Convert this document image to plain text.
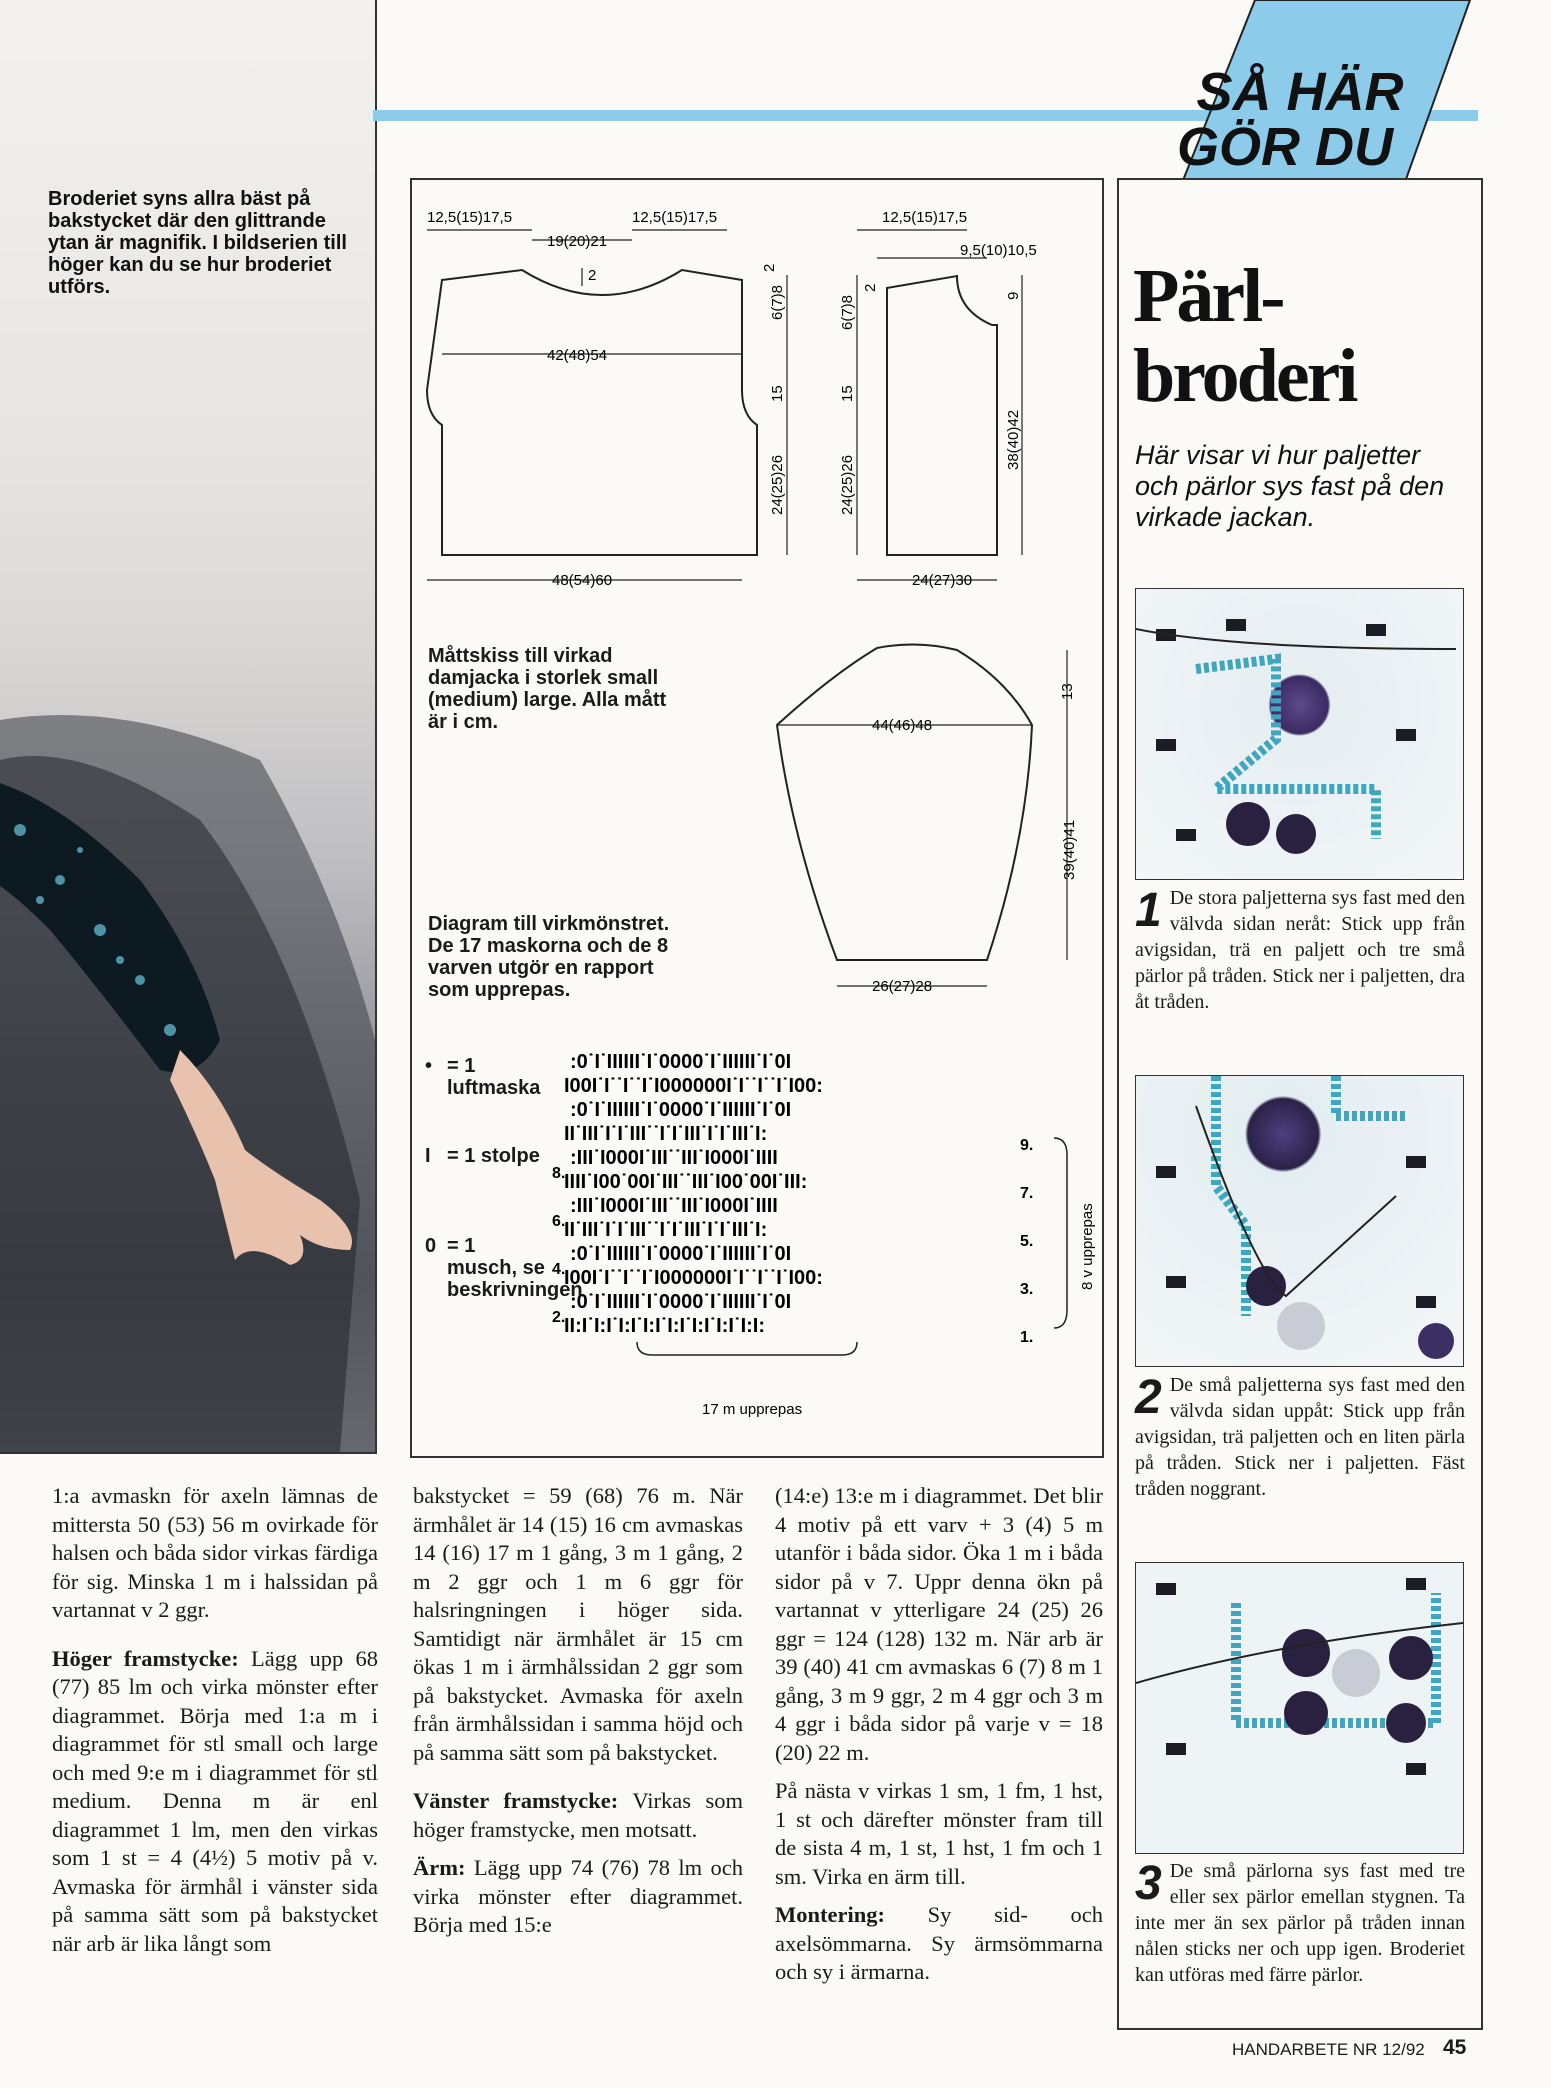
Broderiet syns allra bäst på bakstycket där den glittrande ytan är magnifik. I bildserien till höger kan du se hur broderiet utförs.
SÅ HÄR
GÖR DU
12,5(15)17,5	12,5(15)17,5
19(20)21
2
42(48)54
48(54)60
2
6(7)8
15
24(25)26
12,5(15)17,5
9,5(10)10,5
2
6(7)8
15
24(25)26
9
38(40)42
24(27)30
13
44(46)48
39(40)41
26(27)28
:0˙I˙IIIIII˙I˙0000˙I˙IIIIII˙I˙0I
I00I˙I˙˙I˙˙I˙I000000I˙I˙˙I˙˙I˙I00:
:0˙I˙IIIIII˙I˙0000˙I˙IIIIII˙I˙0I
II˙III˙I˙I˙III˙˙I˙I˙III˙I˙I˙III˙I:
:III˙I000I˙III˙˙III˙I000I˙IIII
IIII˙I00˙00I˙III˙˙III˙I00˙00I˙III:
:III˙I000I˙III˙˙III˙I000I˙IIII
II˙III˙I˙I˙III˙˙I˙I˙III˙I˙I˙III˙I:
:0˙I˙IIIIII˙I˙0000˙I˙IIIIII˙I˙0I
I00I˙I˙˙I˙˙I˙I000000I˙I˙˙I˙˙I˙I00:
:0˙I˙IIIIII˙I˙0000˙I˙IIIIII˙I˙0I
II:I˙I:I˙I:I˙I:I˙I:I˙I:I˙I:I˙I:I:
8.
6.
4.
2.
9.
7.
5.
3.
1.
8 v upprepas
17 m upprepas
Måttskiss till virkad damjacka i storlek small (medium) large. Alla mått är i cm.
Diagram till virkmönstret. De 17 maskorna och de 8 varven utgör en rapport som upprepas.
• = 1 luftmaska
I = 1 stolpe
0 = 1 musch, se beskrivningen
Pärl-
broderi
Här visar vi hur paljetter och pärlor sys fast på den virkade jackan.
1 De stora paljetterna sys fast med den välvda sidan neråt: Stick upp från avigsidan, trä en paljett och tre små pärlor på tråden. Stick ner i paljetten, dra åt tråden.
2 De små paljetterna sys fast med den välvda sidan uppåt: Stick upp från avigsidan, trä paljetten och en liten pärla på tråden. Stick ner i paljetten. Fäst tråden noggrant.
3 De små pärlorna sys fast med tre eller sex pärlor emellan stygnen. Ta inte mer än sex pärlor på tråden innan nålen sticks ner och upp igen. Broderiet kan utföras med färre pärlor.

1:a avmaskn för axeln lämnas de mittersta 50 (53) 56 m ovirkade för halsen och båda sidor virkas färdiga för sig. Minska 1 m i halssidan på vartannat v 2 ggr.

Höger framstycke: Lägg upp 68 (77) 85 lm och virka mönster efter diagrammet. Börja med 1:a m i diagrammet för stl small och large och med 9:e m i diagrammet för stl medium. Denna m är enl diagrammet 1 lm, men den virkas som 1 st = 4 (4½) 5 motiv på v. Avmaska för ärmhål i vänster sida på samma sätt som på bakstycket när arb är lika långt som

bakstycket = 59 (68) 76 m. När ärmhålet är 14 (15) 16 cm avmaskas 14 (16) 17 m 1 gång, 3 m 1 gång, 2 m 2 ggr och 1 m 6 ggr för halsringningen i höger sida. Samtidigt när ärmhålet är 15 cm ökas 1 m i ärmhålssidan 2 ggr som på bakstycket. Avmaska för axeln från ärmhålssidan i samma höjd och på samma sätt som på bakstycket.

Vänster framstycke: Virkas som höger framstycke, men motsatt.

Ärm: Lägg upp 74 (76) 78 lm och virka mönster efter diagrammet. Börja med 15:e

(14:e) 13:e m i diagrammet. Det blir 4 motiv på ett varv + 3 (4) 5 m utanför i båda sidor. Öka 1 m i båda sidor på v 7. Uppr denna ökn på vartannat v ytterligare 24 (25) 26 ggr = 124 (128) 132 m. När arb är 39 (40) 41 cm avmaskas 6 (7) 8 m 1 gång, 3 m 9 ggr, 2 m 4 ggr och 3 m 4 ggr i båda sidor på varje v = 18 (20) 22 m.

På nästa v virkas 1 sm, 1 fm, 1 hst, 1 st och därefter mönster fram till de sista 4 m, 1 st, 1 hst, 1 fm och 1 sm. Virka en ärm till.

Montering: Sy sid- och axelsömmarna. Sy ärmsömmarna och sy i ärmarna.

HANDARBETE NR 12/92 45
